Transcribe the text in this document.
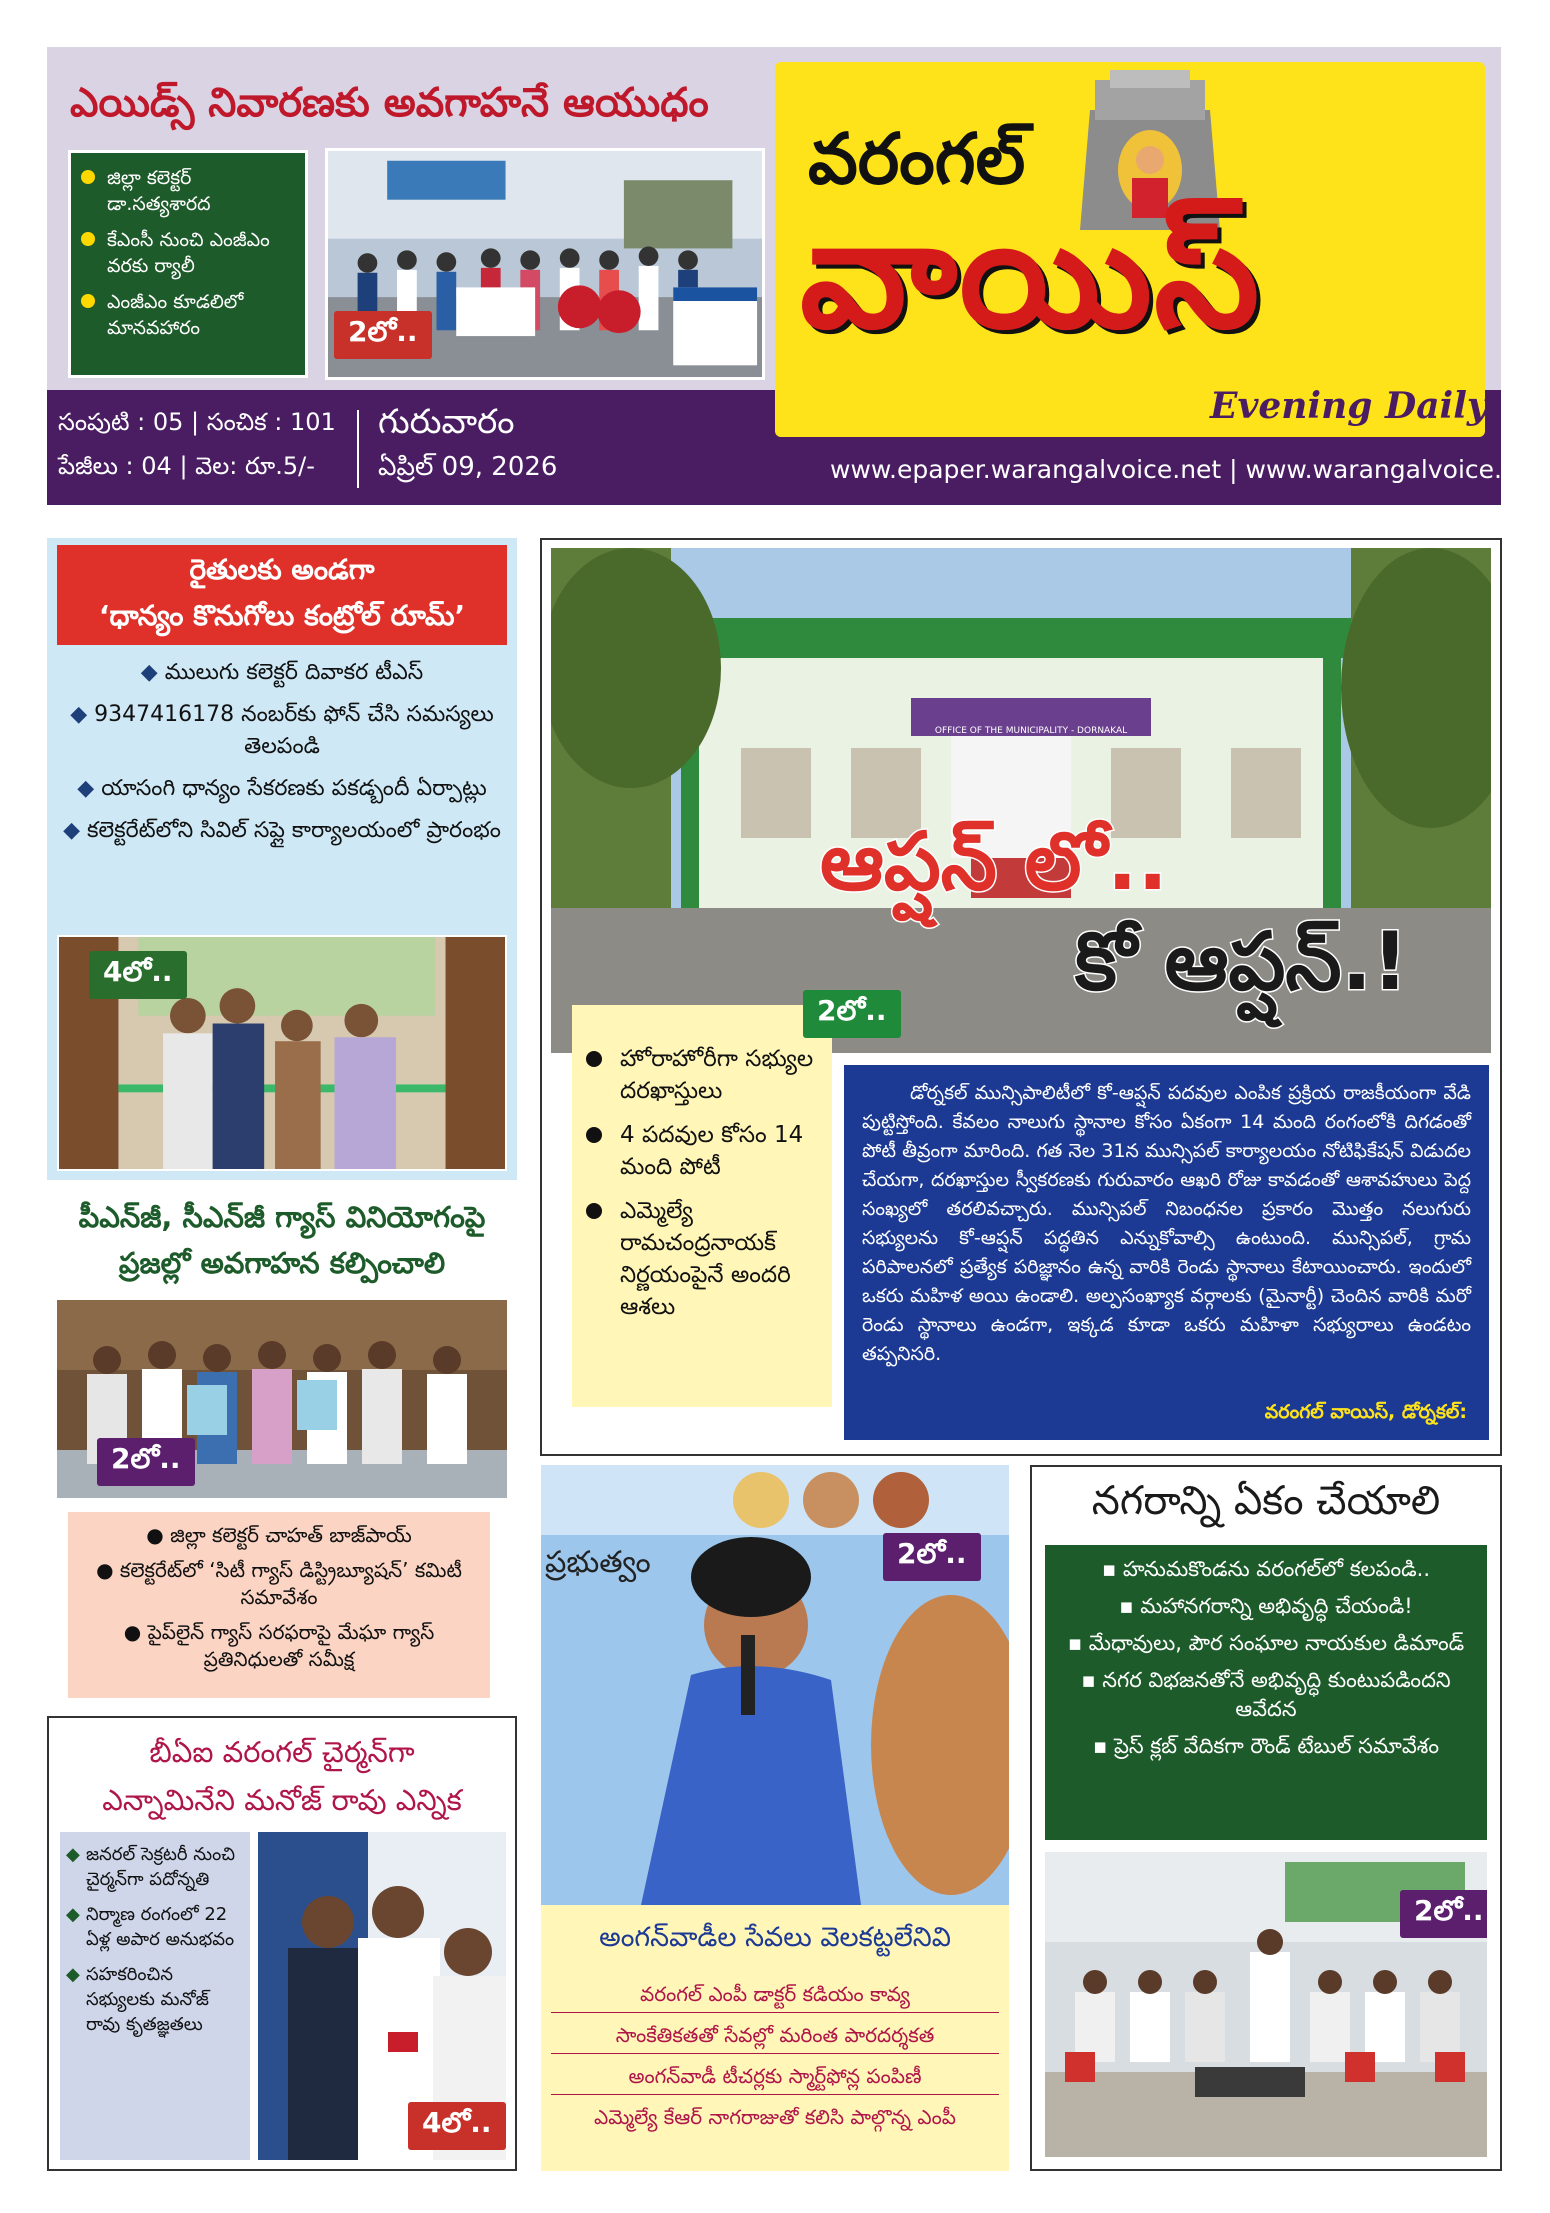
ఎయిడ్స్ నివారణకు అవగాహనే ఆయుధం
జిల్లా కలెక్టర్ డా.సత్యశారద
కేఎంసీ నుంచి ఎంజీఎం వరకు ర్యాలీ
ఎంజీఎం కూడలిలో మానవహారం	2లో..
వరంగల్
వాయిస్
Evening Daily
సంపుటి : 05 | సంచిక : 101
పేజీలు : 04 | వెల: రూ.5/-
గురువారం
ఏప్రిల్ 09, 2026	www.epaper.warangalvoice.net | www.warangalvoice.net
రైతులకు అండగా
‘ధాన్యం కొనుగోలు కంట్రోల్ రూమ్’
◆ ములుగు కలెక్టర్ దివాకర టీఎస్
◆ 9347416178 నంబర్‌కు ఫోన్ చేసి సమస్యలు తెలపండి
◆ యాసంగి ధాన్యం సేకరణకు పకడ్బందీ ఏర్పాట్లు
◆ కలెక్టరేట్‌లోని సివిల్ సప్లై కార్యాలయంలో ప్రారంభం
4లో..
పీఎన్‌జీ, సీఎన్‌జీ గ్యాస్ వినియోగంపై
ప్రజల్లో అవగాహన కల్పించాలి
2లో..
● జిల్లా కలెక్టర్ చాహత్ బాజ్‌పాయ్
● కలెక్టరేట్‌లో ‘సిటీ గ్యాస్ డిస్ట్రిబ్యూషన్’ కమిటీ సమావేశం
● పైప్‌లైన్ గ్యాస్ సరఫరాపై మేఘా గ్యాస్ ప్రతినిధులతో సమీక్ష
బీఏఐ వరంగల్ చైర్మన్‌గా
ఎన్నామినేని మనోజ్ రావు ఎన్నిక
◆ జనరల్ సెక్రటరీ నుంచి చైర్మన్‌గా పదోన్నతి
◆ నిర్మాణ రంగంలో 22 ఏళ్ల అపార అనుభవం
◆ సహకరించిన సభ్యులకు మనోజ్ రావు కృతజ్ఞతలు
4లో..
OFFICE OF THE MUNICIPALITY - DORNAKAL
ఆప్షన్ లో..
కో ఆప్షన్.!
హోరాహోరీగా సభ్యుల దరఖాస్తులు
4 పదవుల కోసం 14 మంది పోటీ
ఎమ్మెల్యే రామచంద్రనాయక్ నిర్ణయంపైనే అందరి ఆశలు
2లో..

డోర్నకల్ మున్సిపాలిటీలో కో-ఆప్షన్ పదవుల ఎంపిక ప్రక్రియ రాజకీయంగా వేడి పుట్టిస్తోంది. కేవలం నాలుగు స్థానాల కోసం ఏకంగా 14 మంది రంగంలోకి దిగడంతో పోటీ తీవ్రంగా మారింది. గత నెల 31న మున్సిపల్ కార్యాలయం నోటిఫికేషన్ విడుదల చేయగా, దరఖాస్తుల స్వీకరణకు గురువారం ఆఖరి రోజు కావడంతో ఆశావహులు పెద్ద సంఖ్యలో తరలివచ్చారు. మున్సిపల్ నిబంధనల ప్రకారం మొత్తం నలుగురు సభ్యులను కో-ఆప్షన్ పద్ధతిన ఎన్నుకోవాల్సి ఉంటుంది. మున్సిపల్, గ్రామ పరిపాలనలో ప్రత్యేక పరిజ్ఞానం ఉన్న వారికి రెండు స్థానాలు కేటాయించారు. ఇందులో ఒకరు మహిళ అయి ఉండాలి. అల్పసంఖ్యాక వర్గాలకు (మైనార్టీ) చెందిన వారికి మరో రెండు స్థానాలు ఉండగా, ఇక్కడ కూడా ఒకరు మహిళా సభ్యురాలు ఉండటం తప్పనిసరి.

వరంగల్ వాయిస్, డోర్నకల్:
ప్రభుత్వం	2లో..
అంగన్‌వాడీల సేవలు వెలకట్టలేనివి
వరంగల్ ఎంపీ డాక్టర్ కడియం కావ్య
సాంకేతికతతో సేవల్లో మరింత పారదర్శకత
అంగన్‌వాడీ టీచర్లకు స్మార్ట్‌ఫోన్ల పంపిణీ
ఎమ్మెల్యే కేఆర్ నాగరాజుతో కలిసి పాల్గొన్న ఎంపీ
నగరాన్ని ఏకం చేయాలి
▪ హనుమకొండను వరంగల్‌లో కలపండి..
▪ మహానగరాన్ని అభివృద్ధి చేయండి!
▪ మేధావులు, పౌర సంఘాల నాయకుల డిమాండ్
▪ నగర విభజనతోనే అభివృద్ధి కుంటుపడిందని ఆవేదన
▪ ప్రెస్ క్లబ్ వేదికగా రౌండ్ టేబుల్ సమావేశం
2లో..
